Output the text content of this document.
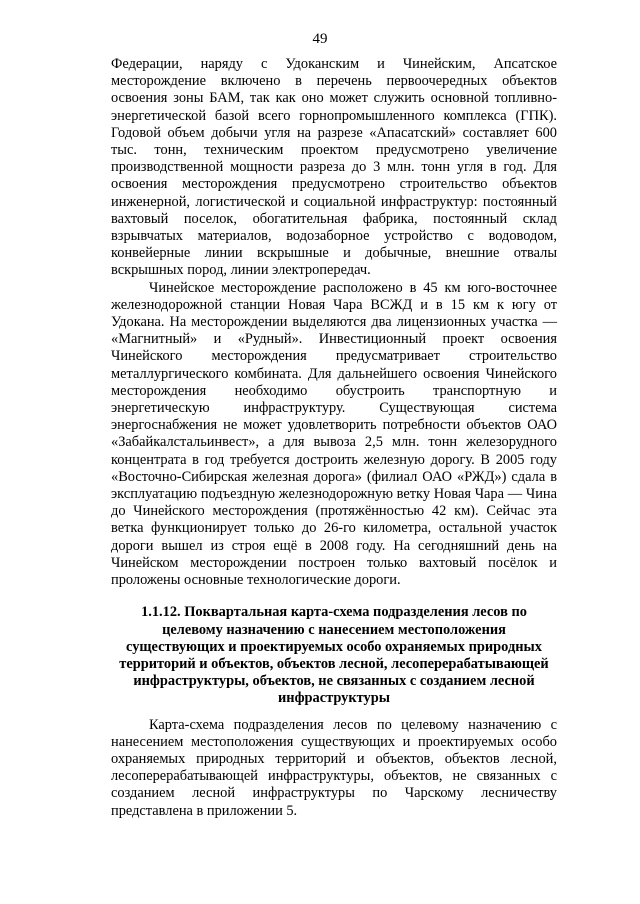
49

Федерации, наряду с Удоканским и Чинейским, Апсатское месторождение включено в перечень первоочередных объектов освоения зоны БАМ, так как оно может служить основной топливно-энергетической базой всего горнопромышленного комплекса (ГПК). Годовой объем добычи угля на разрезе «Апасатский» составляет 600 тыс. тонн, техническим проектом предусмотрено увеличение производственной мощности разреза до 3 млн. тонн угля в год. Для освоения месторождения предусмотрено строительство объектов инженерной, логистической и социальной инфраструктур: постоянный вахтовый поселок, обогатительная фабрика, постоянный склад взрывчатых материалов, водозаборное устройство с водоводом, конвейерные линии вскрышные и добычные, внешние отвалы вскрышных пород, линии электропередач.

Чинейское месторождение расположено в 45 км юго-восточнее железнодорожной станции Новая Чара ВСЖД и в 15 км к югу от Удокана. На месторождении выделяются два лицензионных участка — «Магнитный» и «Рудный». Инвестиционный проект освоения Чинейского месторождения предусматривает строительство металлургического комбината. Для дальнейшего освоения Чинейского месторождения необходимо обустроить транспортную и энергетическую инфраструктуру. Существующая система энергоснабжения не может удовлетворить потребности объектов ОАО «Забайкалстальинвест», а для вывоза 2,5 млн. тонн железорудного концентрата в год требуется достроить железную дорогу. В 2005 году «Восточно-Сибирская железная дорога» (филиал ОАО «РЖД») сдала в эксплуатацию подъездную железнодорожную ветку Новая Чара — Чина до Чинейского месторождения (протяжённостью 42 км). Сейчас эта ветка функционирует только до 26-го километра, остальной участок дороги вышел из строя ещё в 2008 году. На сегодняшний день на Чинейском месторождении построен только вахтовый посёлок и проложены основные технологические дороги.

1.1.12. Поквартальная карта-схема подразделения лесов по целевому назначению с нанесением местоположения существующих и проектируемых особо охраняемых природных территорий и объектов, объектов лесной, лесоперерабатывающей инфраструктуры, объектов, не связанных с созданием лесной инфраструктуры

Карта-схема подразделения лесов по целевому назначению с нанесением местоположения существующих и проектируемых особо охраняемых природных территорий и объектов, объектов лесной, лесоперерабатывающей инфраструктуры, объектов, не связанных с созданием лесной инфраструктуры по Чарскому лесничеству представлена в приложении 5.
